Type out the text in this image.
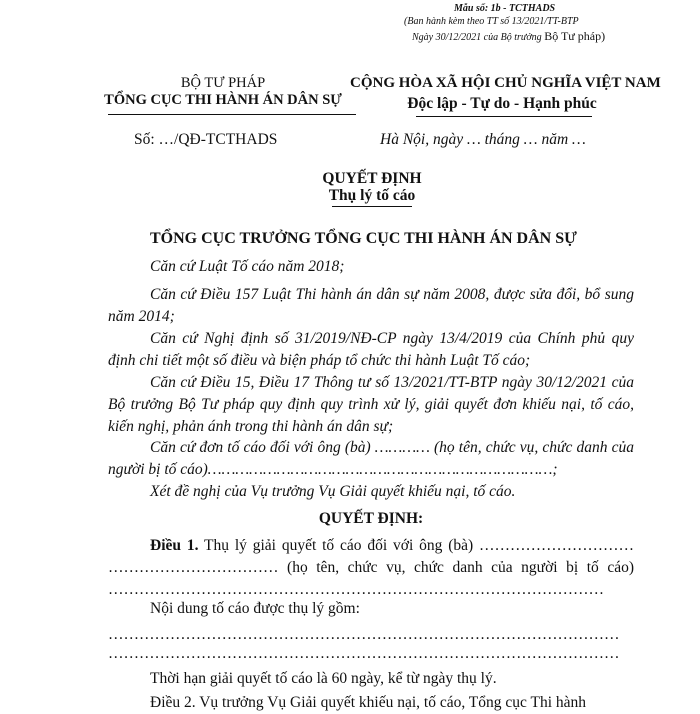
Mẫu số: 1b - TCTHADS
(Ban hành kèm theo TT số 13/2021/TT-BTP
Ngày 30/12/2021 của Bộ trưởng Bộ Tư pháp)
BỘ TƯ PHÁP
TỔNG CỤC THI HÀNH ÁN DÂN SỰ
CỘNG HÒA XÃ HỘI CHỦ NGHĨA VIỆT NAM
Độc lập - Tự do - Hạnh phúc
Số: …/QĐ-TCTHADS	Hà Nội, ngày … tháng … năm …
QUYẾT ĐỊNH
Thụ lý tố cáo
TỔNG CỤC TRƯỞNG TỔNG CỤC THI HÀNH ÁN DÂN SỰ
Căn cứ Luật Tố cáo năm 2018;
Căn cứ Điều 157 Luật Thi hành án dân sự năm 2008, được sửa đổi, bổ sung năm 2014;
Căn cứ Nghị định số 31/2019/NĐ-CP ngày 13/4/2019 của Chính phủ quy định chi tiết một số điều và biện pháp tổ chức thi hành Luật Tố cáo;
Căn cứ Điều 15, Điều 17 Thông tư số 13/2021/TT-BTP ngày 30/12/2021 của Bộ trưởng Bộ Tư pháp quy định quy trình xử lý, giải quyết đơn khiếu nại, tố cáo, kiến nghị, phản ánh trong thi hành án dân sự;
Căn cứ đơn tố cáo đối với ông (bà) ………… (họ tên, chức vụ, chức danh của người bị tố cáo)…………………………………………………………………;
Xét đề nghị của Vụ trưởng Vụ Giải quyết khiếu nại, tố cáo.
QUYẾT ĐỊNH:
Điều 1. Thụ lý giải quyết tố cáo đối với ông (bà) ………………………… …………………………… (họ tên, chức vụ, chức danh của người bị tố cáo) ……………………………………………………………………………………
Nội dung tố cáo được thụ lý gồm:
………………………………………………………………………………………
………………………………………………………………………………………
Thời hạn giải quyết tố cáo là 60 ngày, kể từ ngày thụ lý.
Điều 2. Vụ trưởng Vụ Giải quyết khiếu nại, tố cáo, Tổng cục Thi hành
